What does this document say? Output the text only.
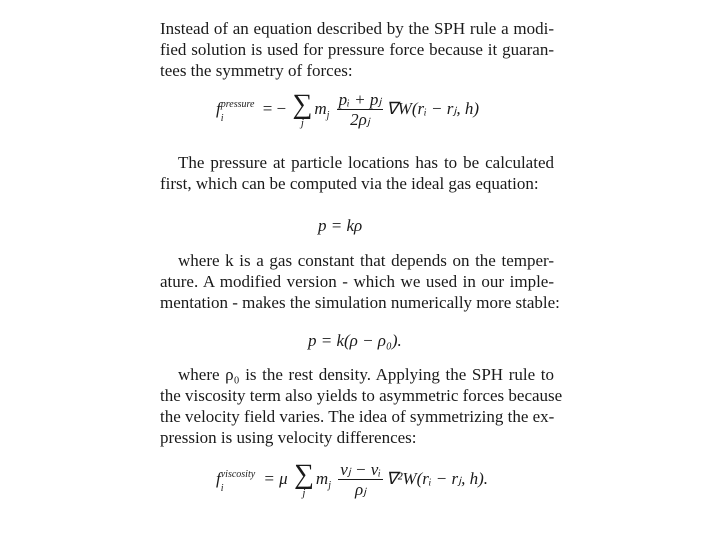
Instead of an equation described by the SPH rule a modi-
fied solution is used for pressure force because it guaran-
tees the symmetry of forces:
f pressure
i
= − ∑
j
$m_j \frac{\text{pᵢ + pⱼ}}{\text{2ρⱼ}}$ ∇W(rᵢ − rⱼ, h)
The pressure at particle locations has to be calculated
first, which can be computed via the ideal gas equation:
p = kρ
where k is a gas constant that depends on the temper-
ature. A modified version - which we used in our imple-
mentation - makes the simulation numerically more stable:
p = k(ρ − ρ₀).
where ρ₀ is the rest density. Applying the SPH rule to
the viscosity term also yields to asymmetric forces because
the velocity field varies. The idea of symmetrizing the ex-
pression is using velocity differences:
f viscosity
i
= μ ∑
j
$m_j \frac{\text{vⱼ − vᵢ}}{\text{ρⱼ}}$ ∇²W(rᵢ − rⱼ, h).
